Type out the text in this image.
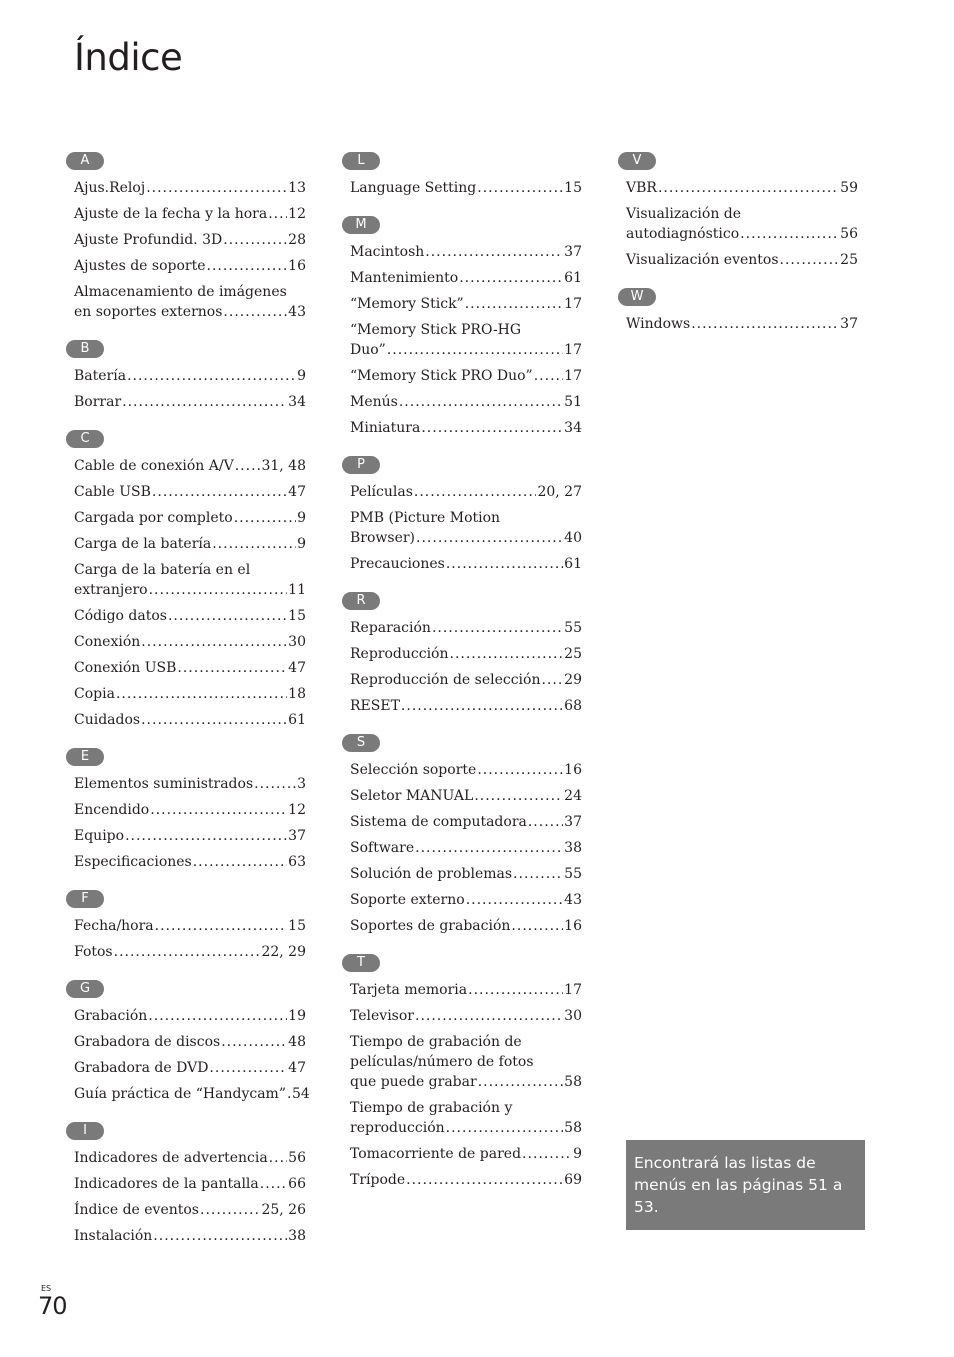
Índice
A
Ajus.Reloj .....	13
Ajuste de la fecha y la hora ..... 12
Ajuste Profundid. 3D .....	28
Ajustes de soporte .....	16
Almacenamiento de imágenes
en soportes externos .....	43
B
Batería .....	9
Borrar .....	34
C
Cable de conexión A/V ..... 31, 48
Cable USB .....	47
Cargada por completo .....	9
Carga de la batería .....	9
Carga de la batería en el
extranjero .....	11
Código datos .....	15
Conexión .....	30
Conexión USB .....	47
Copia .....	18
Cuidados .....	61
E
Elementos suministrados .....	3
Encendido .....	12
Equipo .....	37
Especificaciones .....	63
F
Fecha/hora .....	15
Fotos .....	22, 29
G
Grabación .....	19
Grabadora de discos .....	48
Grabadora de DVD .....	47
Guía práctica de “Handycam” ..... 54
I
Indicadores de advertencia ..... 56
Indicadores de la pantalla ..... 66
Índice de eventos .....	25, 26
Instalación .....	38
L
Language Setting .....	15
M
Macintosh .....	37
Mantenimiento .....	61
“Memory Stick” .....	17
“Memory Stick PRO-HG
Duo” .....	17
“Memory Stick PRO Duo” ..... 17
Menús .....	51
Miniatura .....	34
P
Películas .....	20, 27
PMB (Picture Motion
Browser) .....	40
Precauciones .....	61
R
Reparación .....	55
Reproducción .....	25
Reproducción de selección ..... 29
RESET .....	68
S
Selección soporte .....	16
Seletor MANUAL .....	24
Sistema de computadora .....	37
Software .....	38
Solución de problemas .....	55
Soporte externo .....	43
Soportes de grabación .....	16
T
Tarjeta memoria .....	17
Televisor .....	30
Tiempo de grabación de
películas/número de fotos
que puede grabar .....	58
Tiempo de grabación y
reproducción .....	58
Tomacorriente de pared .....	9
Trípode .....	69
V
VBR .....	59
Visualización de
autodiagnóstico .....	56
Visualización eventos .....	25
W
Windows .....	37
Encontrará las listas de menús en las páginas 51 a 53.
ES
70
